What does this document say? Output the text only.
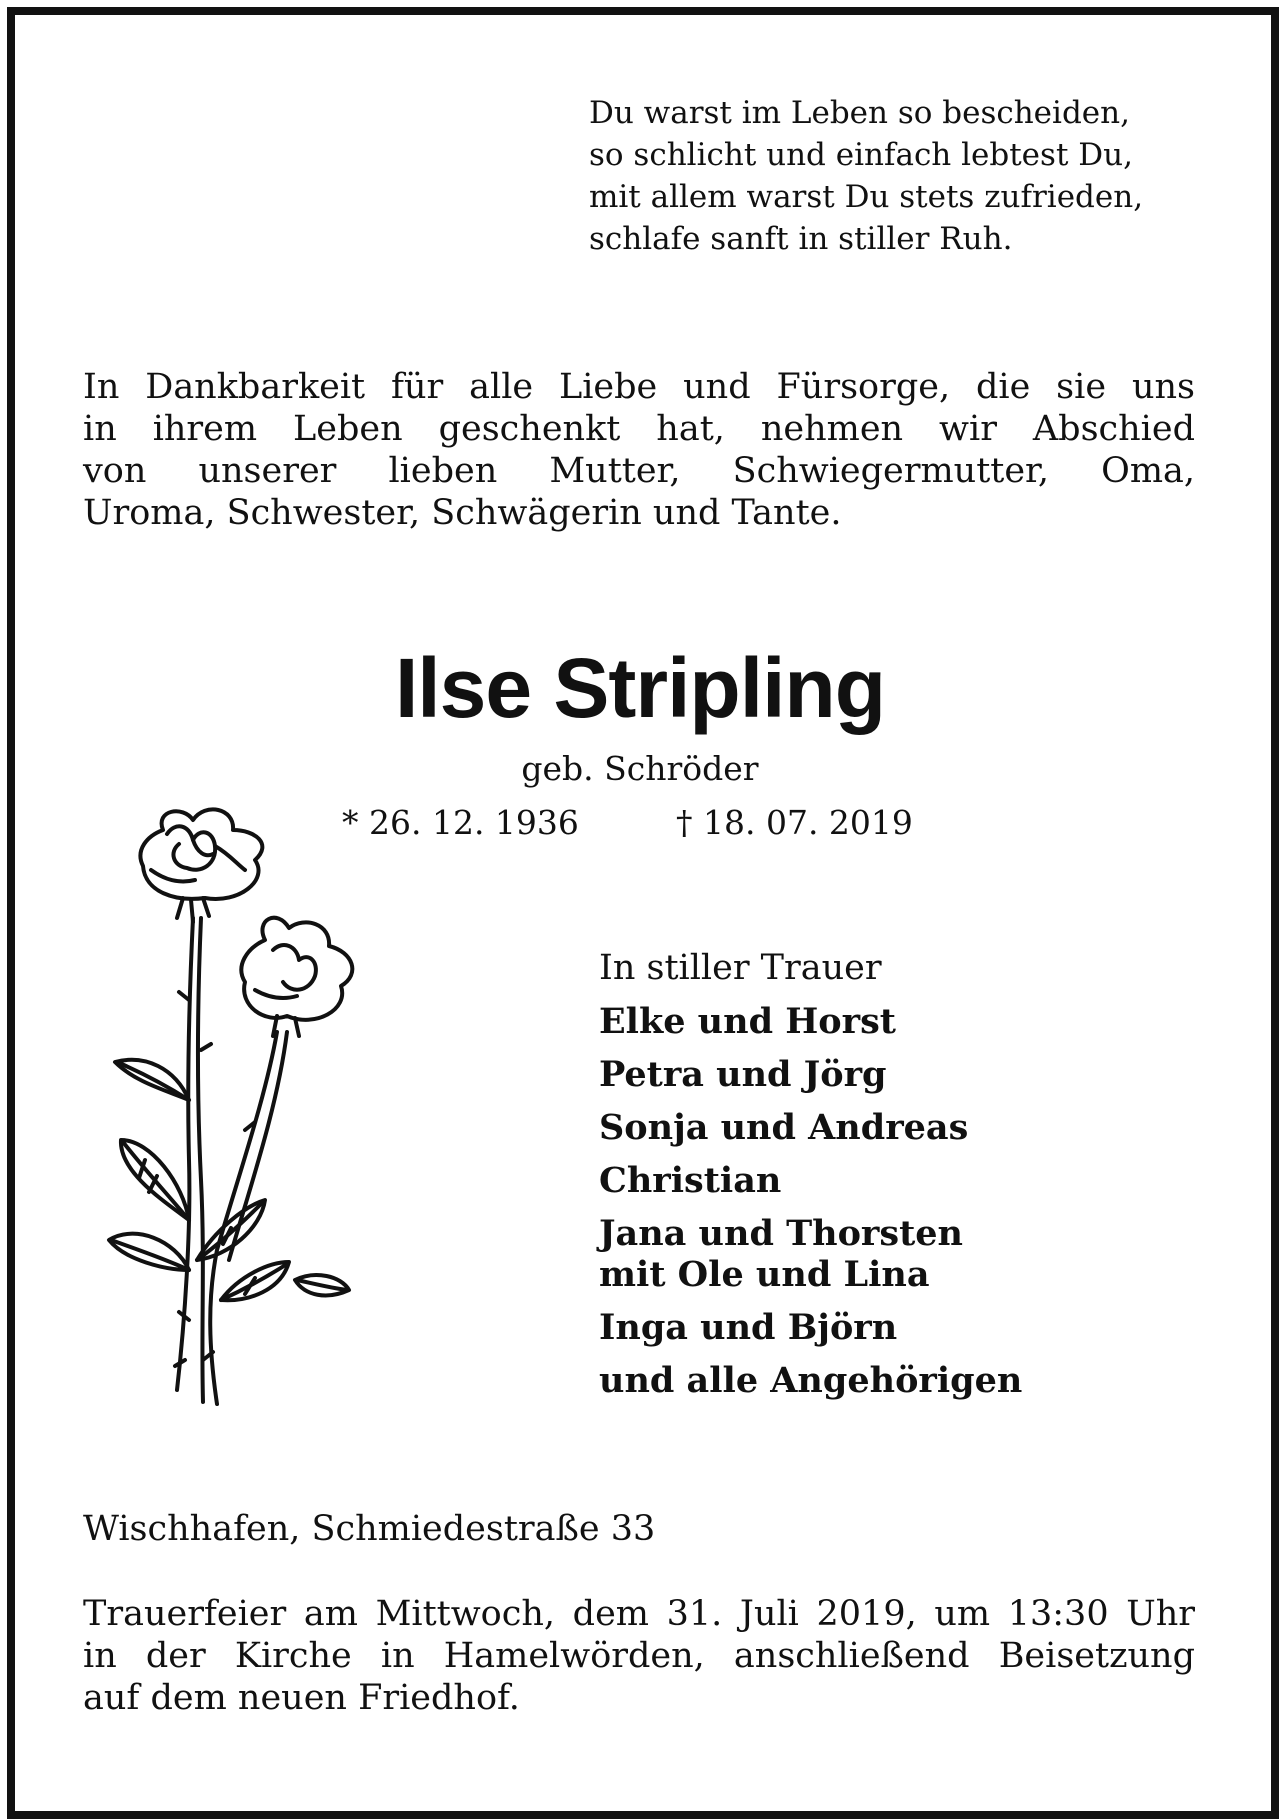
Du warst im Leben so bescheiden,
so schlicht und einfach lebtest Du,
mit allem warst Du stets zufrieden,
schlafe sanft in stiller Ruh.
In Dankbarkeit für alle Liebe und Fürsorge, die sie uns
in ihrem Leben geschenkt hat, nehmen wir Abschied
von unserer lieben Mutter, Schwiegermutter, Oma,
Uroma, Schwester, Schwägerin und Tante.
Ilse Stripling
geb. Schröder
* 26. 12. 1936	† 18. 07. 2019
In stiller Trauer
Elke und Horst
Petra und Jörg
Sonja und Andreas
Christian
Jana und Thorsten
mit Ole und Lina
Inga und Björn
und alle Angehörigen
Wischhafen, Schmiedestraße 33
Trauerfeier am Mittwoch, dem 31. Juli 2019, um 13:30 Uhr
in der Kirche in Hamelwörden, anschließend Beisetzung
auf dem neuen Friedhof.
